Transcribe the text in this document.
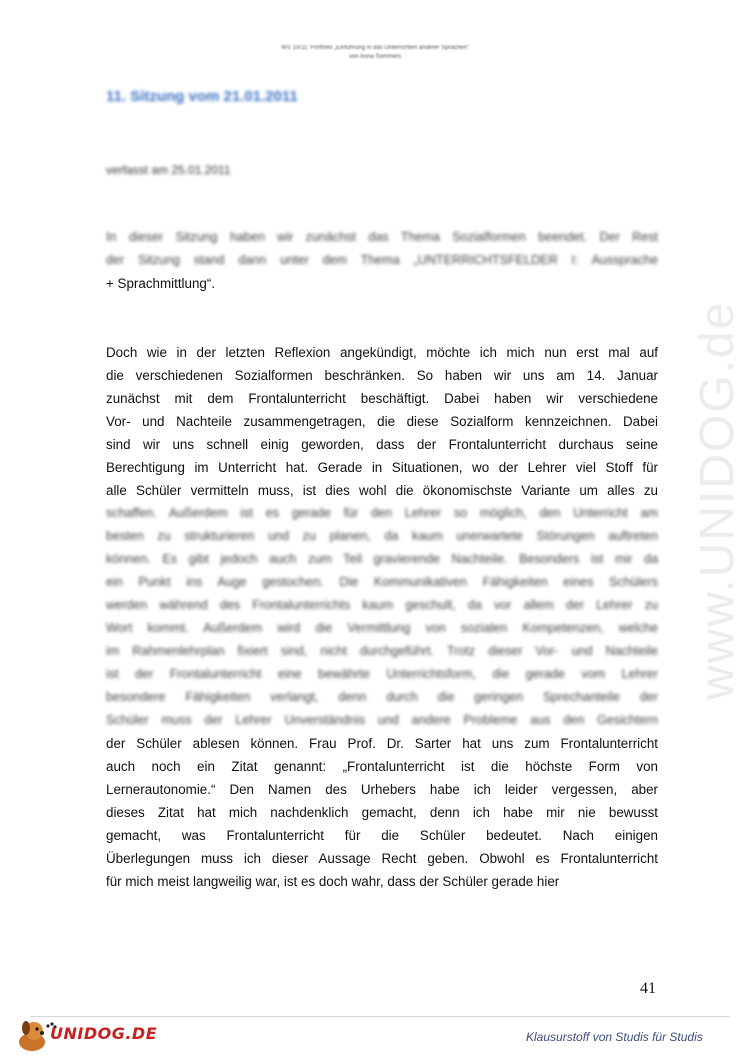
WS 10/11: Portfolio „Einführung in das Unterrichten anderer Sprachen“
von Anna Sommers
11. Sitzung vom 21.01.2011
verfasst am 25.01.2011
In dieser Sitzung haben wir zunächst das Thema Sozialformen beendet. Der Rest
der Sitzung stand dann unter dem Thema „UNTERRICHTSFELDER I: Aussprache
+ Sprachmittlung“.
Doch wie in der letzten Reflexion angekündigt, möchte ich mich nun erst mal auf
die verschiedenen Sozialformen beschränken. So haben wir uns am 14. Januar
zunächst mit dem Frontalunterricht beschäftigt. Dabei haben wir verschiedene
Vor- und Nachteile zusammengetragen, die diese Sozialform kennzeichnen. Dabei
sind wir uns schnell einig geworden, dass der Frontalunterricht durchaus seine
Berechtigung im Unterricht hat. Gerade in Situationen, wo der Lehrer viel Stoff für
alle Schüler vermitteln muss, ist dies wohl die ökonomischste Variante um alles zu
schaffen. Außerdem ist es gerade für den Lehrer so möglich, den Unterricht am
besten zu strukturieren und zu planen, da kaum unerwartete Störungen auftreten
können. Es gibt jedoch auch zum Teil gravierende Nachteile. Besonders ist mir da
ein Punkt ins Auge gestochen. Die Kommunikativen Fähigkeiten eines Schülers
werden während des Frontalunterrichts kaum geschult, da vor allem der Lehrer zu
Wort kommt. Außerdem wird die Vermittlung von sozialen Kompetenzen, welche
im Rahmenlehrplan fixiert sind, nicht durchgeführt. Trotz dieser Vor- und Nachteile
ist der Frontalunterricht eine bewährte Unterrichtsform, die gerade vom Lehrer
besondere Fähigkeiten verlangt, denn durch die geringen Sprechanteile der
Schüler muss der Lehrer Unverständnis und andere Probleme aus den Gesichtern
der Schüler ablesen können. Frau Prof. Dr. Sarter hat uns zum Frontalunterricht
auch noch ein Zitat genannt: „Frontalunterricht ist die höchste Form von
Lernerautonomie.“ Den Namen des Urhebers habe ich leider vergessen, aber
dieses Zitat hat mich nachdenklich gemacht, denn ich habe mir nie bewusst
gemacht, was Frontalunterricht für die Schüler bedeutet. Nach einigen
Überlegungen muss ich dieser Aussage Recht geben. Obwohl es Frontalunterricht
für mich meist langweilig war, ist es doch wahr, dass der Schüler gerade hier
www.UNIDOG.de
41
UNIDOG.DE	Klausurstoff von Studis für Studis
